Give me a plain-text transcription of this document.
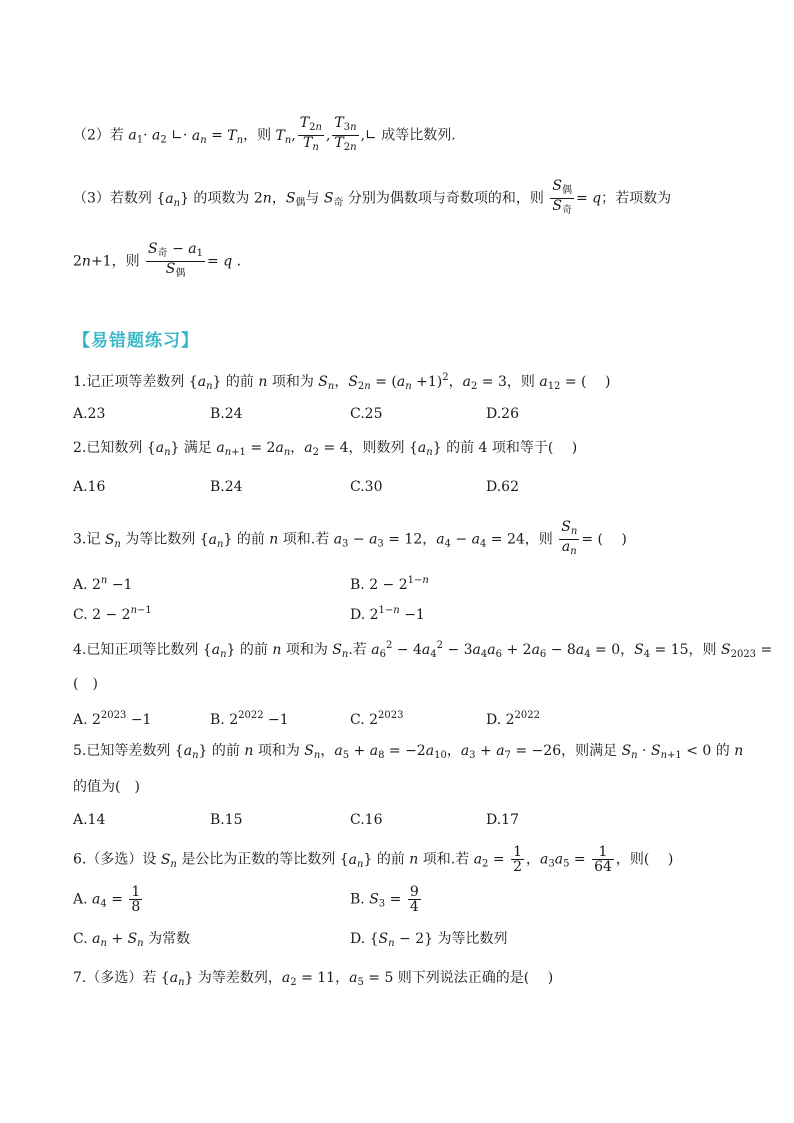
（2）若 $a_1\cdot a_2$ ∟· $a_n = T_n$，则 $T_n$, $\frac{T_{2n}}{T_n}$ , $\frac{T_{3n}}{T_{2n}}$ ,∟ 成等比数列.
（3）若数列 $\{a_n\}$ 的项数为 2n，$S_偶$与 $S_奇$ 分别为偶数项与奇数项的和，则 $\frac{S_偶}{S_奇} = q$；若项数为
2n+1，则 $\frac{S_奇 - a_1}{S_偶} = q$ .
【易错题练习】
1.记正项等差数列 $\{a_n\}$ 的前 n 项和为 $S_n$，$S_{2n} = (a_n +1)^2$，$a_2 = 3$，则 $a_{12}$ = (　 )
A.23	B.24	C.25	D.26
2.已知数列 $\{a_n\}$ 满足 $a_{n+1} = 2a_n$，$a_2 = 4$，则数列 $\{a_n\}$ 的前 4 项和等于(　 )
A.16	B.24	C.30	D.62
3.记 $S_n$ 为等比数列 $\{a_n\}$ 的前 n 项和.若 $a_3 - a_3 = 12$，$a_4 - a_4 = 24$，则 $\frac{S_n}{a_n}$ = (　 )
A. $2^n -1$	B. $2 - 2^{1-n}$
C. $2 - 2^{n-1}$	D. $2^{1-n} -1$
4.已知正项等比数列 $\{a_n\}$ 的前 n 项和为 $S_n$.若 $a_6^2 - 4a_4^2 - 3a_4a_6 + 2a_6 - 8a_4 = 0$，$S_4 = 15$，则 $S_{2023}$ =
(　)
A. $2^{2023} -1$	B. $2^{2022} -1$	C. $2^{2023}$	D. $2^{2022}$
5.已知等差数列 $\{a_n\}$ 的前 n 项和为 $S_n$，$a_5 + a_8 = -2a_{10}$，$a_3 + a_7 = -26$，则满足 $S_n \cdot S_{n+1} < 0$ 的 n
的值为(　)
A.14	B.15	C.16	D.17
6.（多选）设 $S_n$ 是公比为正数的等比数列 $\{a_n\}$ 的前 n 项和.若 $a_2 = \frac{1}{2}$ ，$a_3a_5 = \frac{1}{64}$ ，则(　 )
A. $a_4 = \frac{1}{8}$	B. $S_3 = \frac{9}{4}$
C. $a_n + S_n$ 为常数	D. $\{S_n - 2\}$ 为等比数列
7.（多选）若 $\{a_n\}$ 为等差数列，$a_2 = 11$，$a_5 = 5$ 则下列说法正确的是(　 )
